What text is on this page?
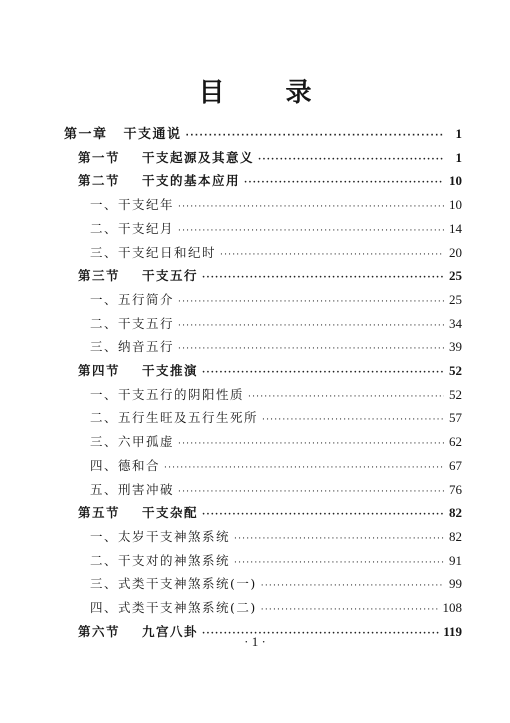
目 录
第一章 干支通说 ·····	1
第一节 干支起源及其意义 ·····	1
第二节 干支的基本应用 ·····	10
一、干支纪年 ·····	10
二、干支纪月 ·····	14
三、干支纪日和纪时 ·····	20
第三节 干支五行 ·····	25
一、五行简介 ·····	25
二、干支五行 ·····	34
三、纳音五行 ·····	39
第四节 干支推演 ·····	52
一、干支五行的阴阳性质 ·····	52
二、五行生旺及五行生死所 ·····	57
三、六甲孤虚 ·····	62
四、德和合 ·····	67
五、刑害冲破 ·····	76
第五节 干支杂配 ·····	82
一、太岁干支神煞系统 ·····	82
二、干支对的神煞系统 ·····	91
三、式类干支神煞系统(一) ·····	99
四、式类干支神煞系统(二) ·····	108
第六节 九宫八卦 ·····	119
· 1 ·
